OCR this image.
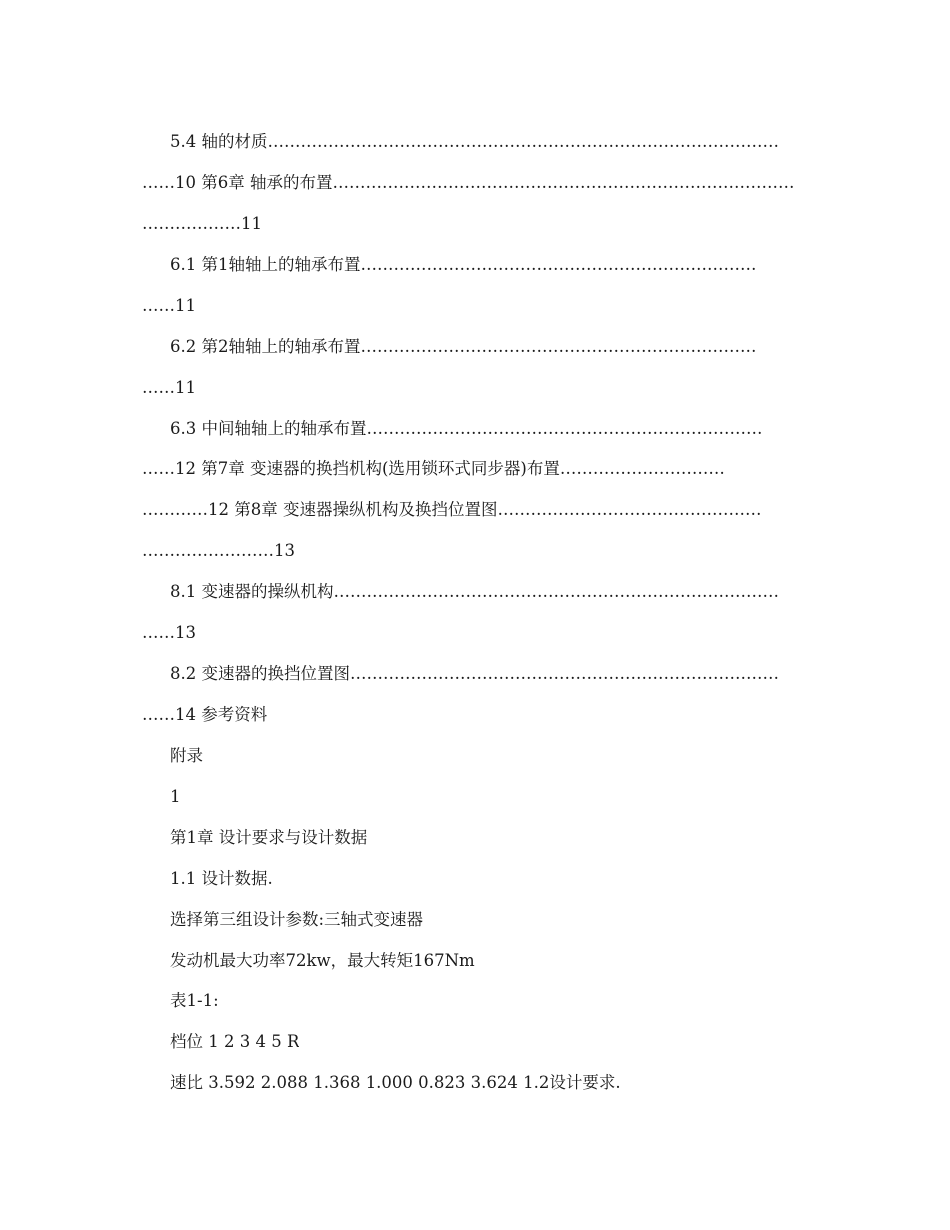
5.4 轴的材质…………………………………………………………………………………
……10 第6章 轴承的布置…………………………………………………………………………
………………11
6.1 第1轴轴上的轴承布置………………………………………………………………
……11
6.2 第2轴轴上的轴承布置………………………………………………………………
……11
6.3 中间轴轴上的轴承布置………………………………………………………………
……12 第7章 变速器的换挡机构(选用锁环式同步器)布置…………………………
…………12 第8章 变速器操纵机构及换挡位置图…………………………………………
……………………13
8.1 变速器的操纵机构………………………………………………………………………
……13
8.2 变速器的换挡位置图……………………………………………………………………
……14 参考资料
附录
1
第1章 设计要求与设计数据
1.1 设计数据.
选择第三组设计参数:三轴式变速器
发动机最大功率72kw，最大转矩167Nm
表1-1:
档位 1 2 3 4 5 R
速比 3.592 2.088 1.368 1.000 0.823 3.624 1.2设计要求.
